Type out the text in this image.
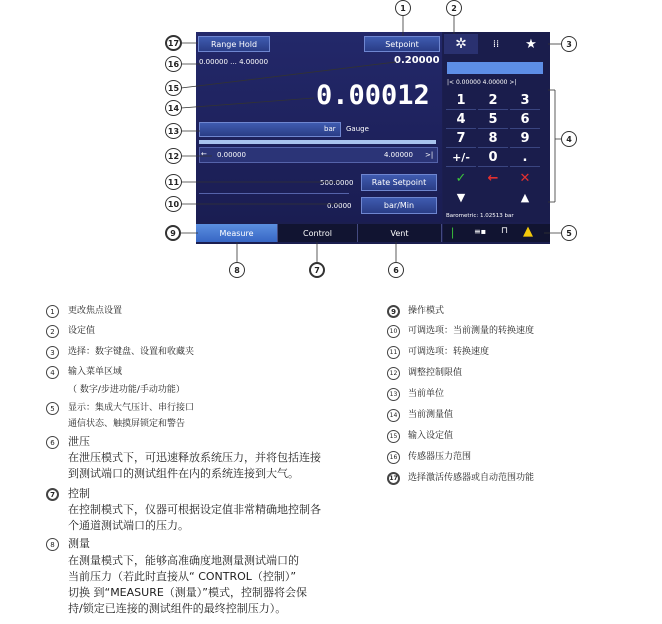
Range Hold	Setpoint
0.00000 ... 4.00000	0.20000
0.00012
bar Gauge
← 0.00000	4.00000 >|
500.0000	Rate Setpoint
0.0000	bar/Min
Measure	Control	Vent
✲	⁞⁞	★
|< 0.00000 4.00000 >|
1	2	3
4	5	6
7	8	9
+/-	0	.
✓	←	✕
▼	▲
Barometric: 1.02513 bar
❘ ≡▪ ⊓ ▲
1	2
3
4
5
17
16
15
14
13
12
11
10
9
8	7	6
1	更改焦点设置
2	设定值
3	选择：数字键盘、设置和收藏夹
4	输入菜单区域
（ 数字/步进功能/手动功能）
5	显示：集成大气压计、串行接口
通信状态、触摸屏锁定和警告
6	泄压
在泄压模式下，可迅速释放系统压力，并将包括连接
到测试端口的测试组件在内的系统连接到大气。
7	控制
在控制模式下，仪器可根据设定值非常精确地控制各
个通道测试端口的压力。
8	测量
在测量模式下，能够高准确度地测量测试端口的
当前压力（若此时直接从“ CONTROL（控制）”
切换 到“MEASURE（测量）”模式，控制器将会保
持/锁定已连接的测试组件的最终控制压力）。
9	操作模式
10 可调选项：当前测量的转换速度
11 可调选项：转换速度
12 调整控制限值
13 当前单位
14 当前测量值
15 输入设定值
16 传感器压力范围
17 选择激活传感器或自动范围功能
